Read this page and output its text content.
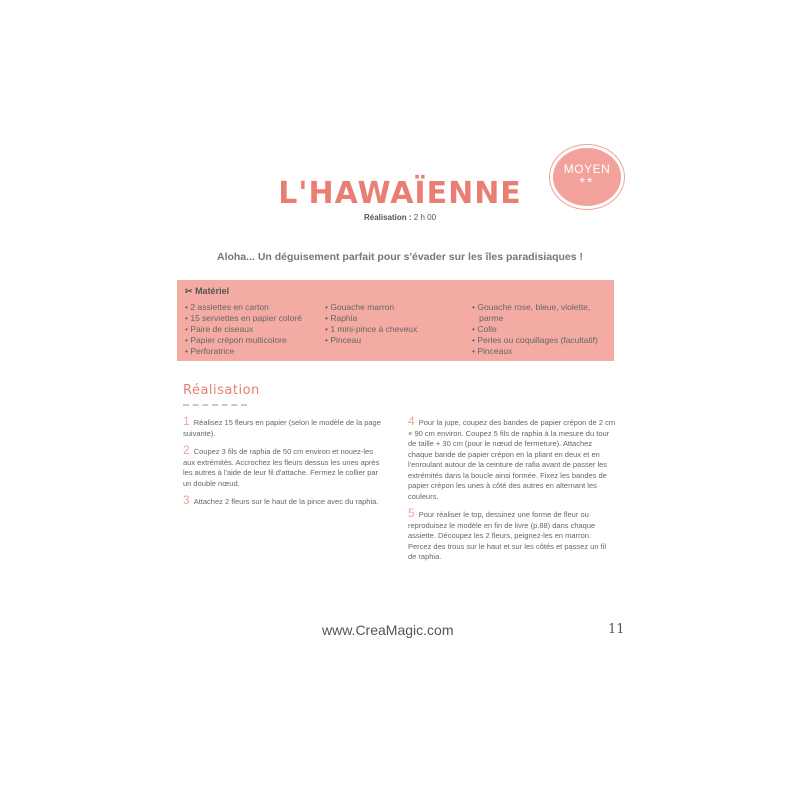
MOYEN
**
L'HAWAÏENNE
Réalisation : 2 h 00
Aloha... Un déguisement parfait pour s'évader sur les îles paradisiaques !
✂ Matériel
• 2 assiettes en carton
• 15 serviettes en papier coloré
• Paire de ciseaux
• Papier crépon multicolore
• Perforatrice
• Gouache marron
• Raphia
• 1 mini-pince à cheveux
• Pinceau
• Gouache rose, bleue, violette,
parme
• Colle
• Perles ou coquillages (facultatif)
• Pinceaux
Réalisation

1 Réalisez 15 fleurs en papier (selon le modèle de la page suivante).

2 Coupez 3 fils de raphia de 50 cm environ et nouez-les aux extrémités. Accrochez les fleurs dessus les unes après les autres à l'aide de leur fil d'attache. Fermez le collier par un double nœud.

3 Attachez 2 fleurs sur le haut de la pince avec du raphia.

4 Pour la jupe, coupez des bandes de papier crépon de 2 cm × 90 cm environ. Coupez 5 fils de raphia à la mesure du tour de taille + 30 cm (pour le nœud de fermeture). Attachez chaque bande de papier crépon en la pliant en deux et en l'enroulant autour de la ceinture de rafia avant de passer les extrémités dans la boucle ainsi formée. Fixez les bandes de papier crépon les unes à côté des autres en alternant les couleurs.

5 Pour réaliser le top, dessinez une forme de fleur ou reproduisez le modèle en fin de livre (p.88) dans chaque assiette. Découpez les 2 fleurs, peignez-les en marron. Percez des trous sur le haut et sur les côtés et passez un fil de raphia.

www.CreaMagic.com	11
